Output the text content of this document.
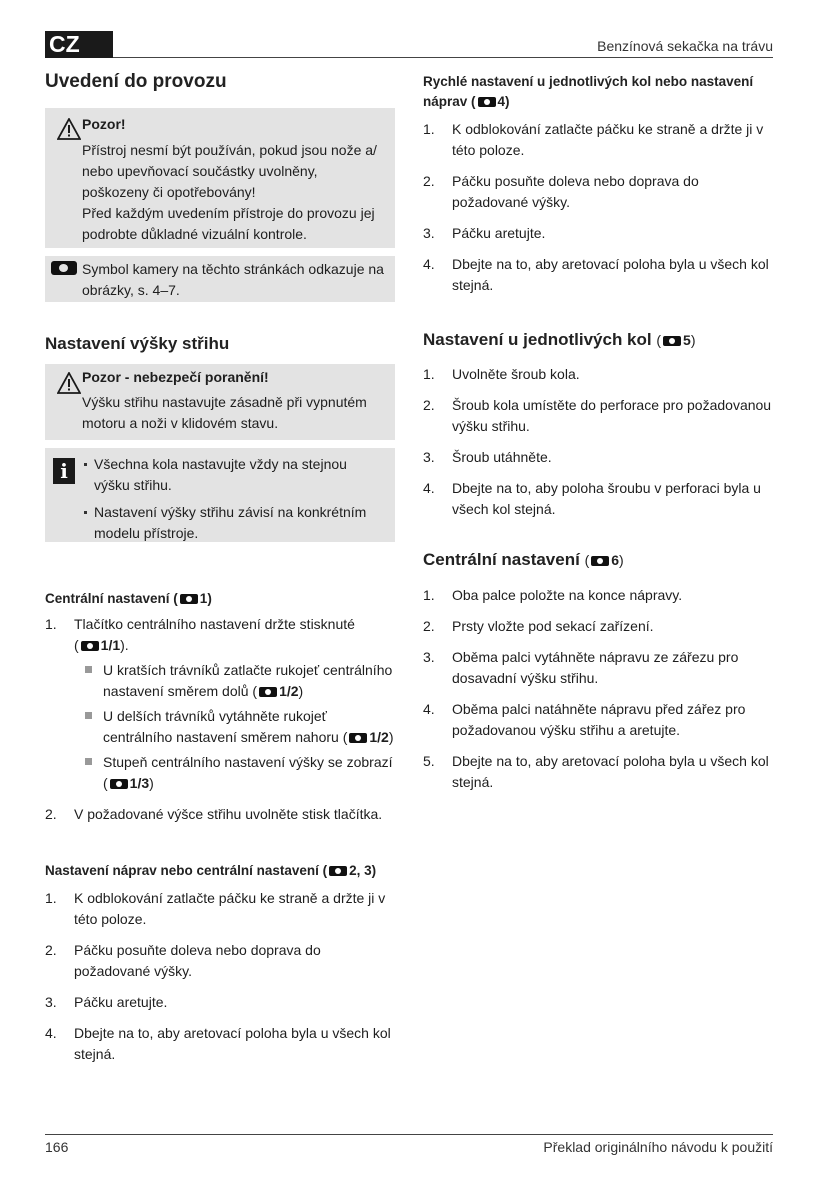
CZ	Benzínová sekačka na trávu
Uvedení do provozu

Pozor!

Přístroj nesmí být používán, pokud jsou nože a/ nebo upevňovací součástky uvolněny, poškozeny či opotřebovány!

Před každým uvedením přístroje do provozu jej podrobte důkladné vizuální kontrole.

Symbol kamery na těchto stránkách odkazuje na obrázky, s. 4–7.

Nastavení výšky střihu

Pozor - nebezpečí poranění!

Výšku střihu nastavujte zásadně při vypnutém motoru a noži v klidovém stavu.

i	Všechna kola nastavujte vždy na stejnou výšku střihu.
Nastavení výšky střihu závisí na konkrétním modelu přístroje.
Centrální nastavení ( 1)
1. Tlačítko centrálního nastavení držte stisknuté
( 1/1).
U kratších trávníků zatlačte rukojeť centrálního nastavení směrem dolů ( 1/2)
U delších trávníků vytáhněte rukojeť centrálního nastavení směrem nahoru ( 1/2)
Stupeň centrálního nastavení výšky se zobrazí ( 1/3)
2. V požadované výšce střihu uvolněte stisk tlačítka.
Nastavení náprav nebo centrální nastavení ( 2, 3)
1. K odblokování zatlačte páčku ke straně a držte ji v této poloze.
2. Páčku posuňte doleva nebo doprava do požadované výšky.
3. Páčku aretujte.
4. Dbejte na to, aby aretovací poloha byla u všech kol stejná.
Rychlé nastavení u jednotlivých kol nebo nastavení náprav ( 4)
1. K odblokování zatlačte páčku ke straně a držte ji v této poloze.
2. Páčku posuňte doleva nebo doprava do požadované výšky.
3. Páčku aretujte.
4. Dbejte na to, aby aretovací poloha byla u všech kol stejná.
Nastavení u jednotlivých kol ( 5)
1. Uvolněte šroub kola.
2. Šroub kola umístěte do perforace pro požadovanou výšku střihu.
3. Šroub utáhněte.
4. Dbejte na to, aby poloha šroubu v perforaci byla u všech kol stejná.
Centrální nastavení ( 6)
1. Oba palce položte na konce nápravy.
2. Prsty vložte pod sekací zařízení.
3. Oběma palci vytáhněte nápravu ze zářezu pro dosavadní výšku střihu.
4. Oběma palci natáhněte nápravu před zářez pro požadovanou výšku střihu a aretujte.
5. Dbejte na to, aby aretovací poloha byla u všech kol stejná.
166	Překlad originálního návodu k použití
